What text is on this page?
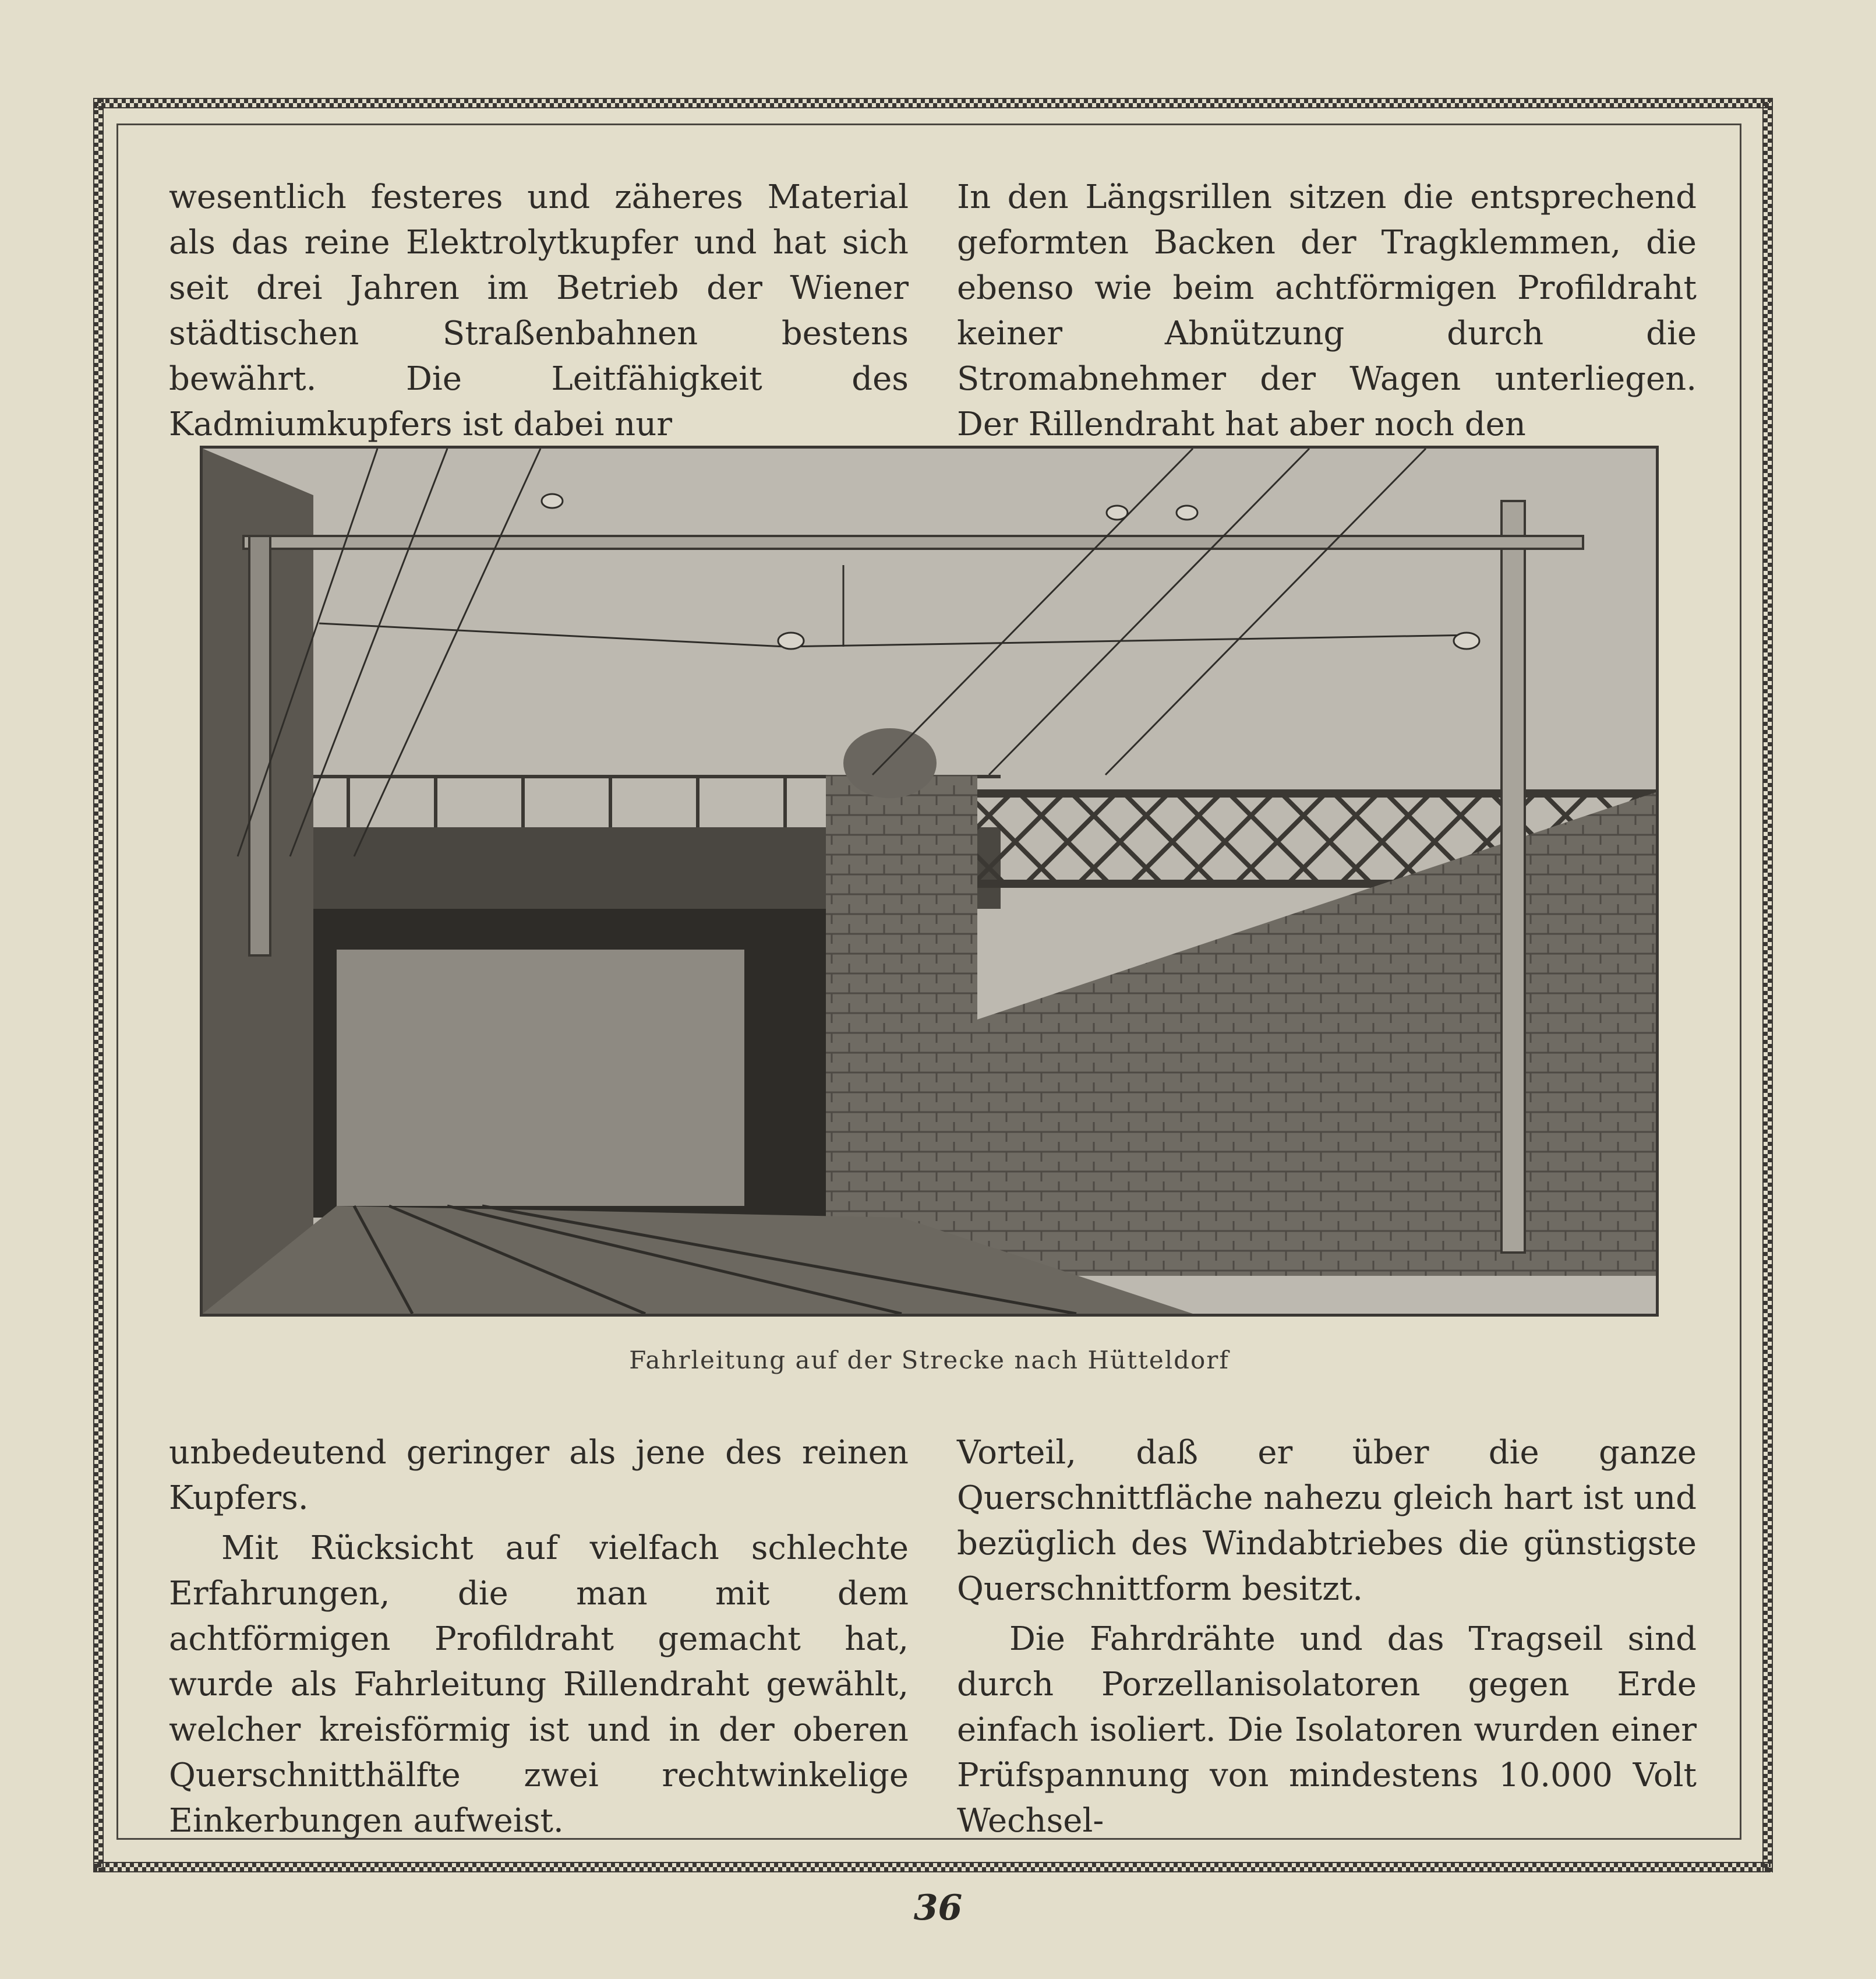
wesentlich festeres und zäheres Material als das reine Elektrolytkupfer und hat sich seit drei Jahren im Betrieb der Wiener städtischen Straßenbahnen bestens bewährt. Die Leitfähigkeit des Kadmiumkupfers ist dabei nur

In den Längsrillen sitzen die entsprechend geformten Backen der Tragklemmen, die ebenso wie beim achtförmigen Profildraht keiner Abnützung durch die Stromabnehmer der Wagen unterliegen. Der Rillendraht hat aber noch den

Fahrleitung auf der Strecke nach Hütteldorf

unbedeutend geringer als jene des reinen Kupfers.

Mit Rücksicht auf vielfach schlechte Erfahrungen, die man mit dem achtförmigen Profildraht gemacht hat, wurde als Fahrleitung Rillendraht gewählt, welcher kreisförmig ist und in der oberen Querschnitthälfte zwei rechtwinkelige Einkerbungen aufweist.

Vorteil, daß er über die ganze Querschnittfläche nahezu gleich hart ist und bezüglich des Windabtriebes die günstigste Querschnittform besitzt.

Die Fahrdrähte und das Tragseil sind durch Porzellanisolatoren gegen Erde einfach isoliert. Die Isolatoren wurden einer Prüfspannung von mindestens 10.000 Volt Wechsel-

36
